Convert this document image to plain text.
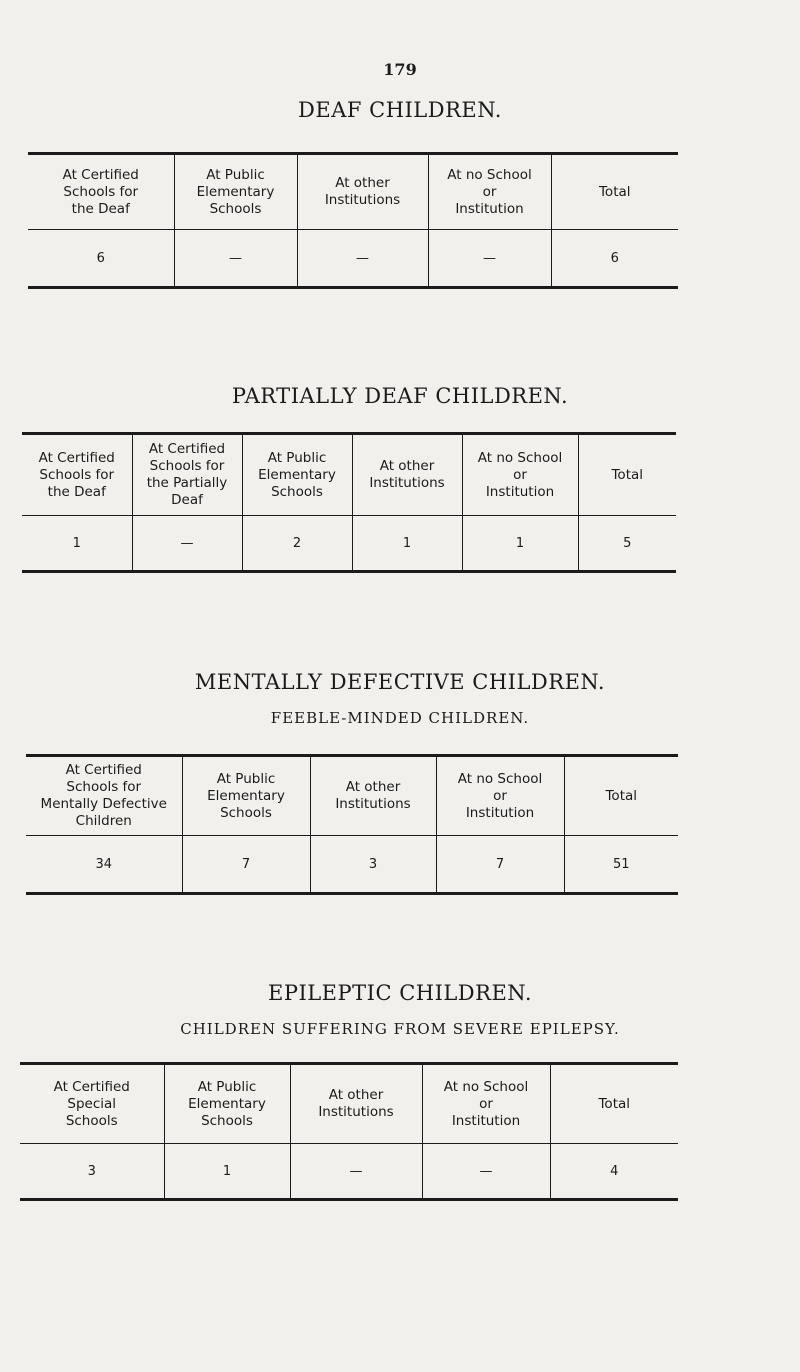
179
DEAF CHILDREN.
At Certified
Schools for
the Deaf	At Public
Elementary
Schools	At other
Institutions	At no School
or
Institution	Total
6	—	—	—	6
PARTIALLY DEAF CHILDREN.
At Certified
Schools for
the Deaf	At Certified
Schools for
the Partially
Deaf	At Public
Elementary
Schools	At other
Institutions	At no School
or
Institution	Total
1	—	2	1	1	5
MENTALLY DEFECTIVE CHILDREN.
FEEBLE-MINDED CHILDREN.
At Certified
Schools for
Mentally Defective
Children	At Public
Elementary
Schools	At other
Institutions	At no School
or
Institution	Total
34	7	3	7	51
EPILEPTIC CHILDREN.
CHILDREN SUFFERING FROM SEVERE EPILEPSY.
At Certified
Special
Schools	At Public
Elementary
Schools	At other
Institutions	At no School
or
Institution	Total
3	1	—	—	4
